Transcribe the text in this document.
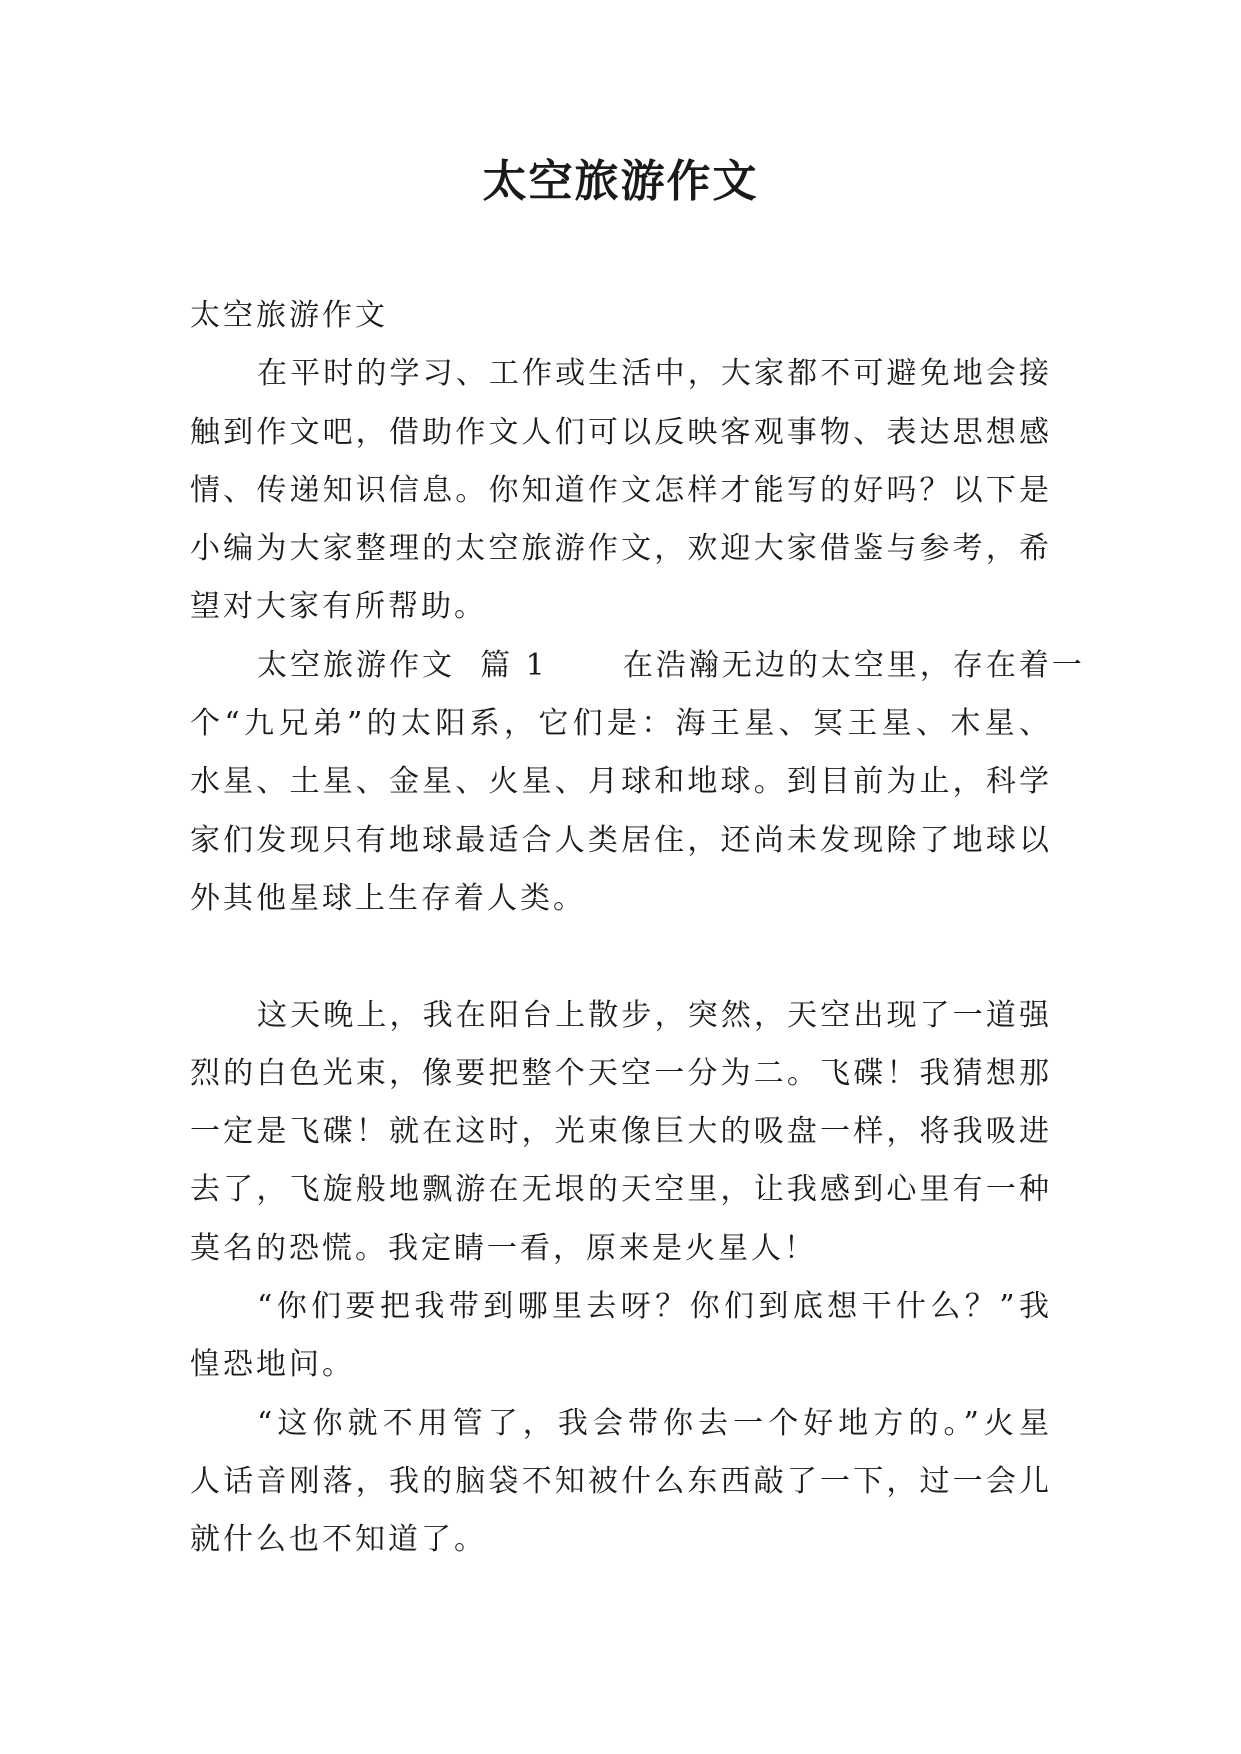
太空旅游作文
太空旅游作文
在平时的学习、工作或生活中，大家都不可避免地会接
触到作文吧，借助作文人们可以反映客观事物、表达思想感
情、传递知识信息。你知道作文怎样才能写的好吗？以下是
小编为大家整理的太空旅游作文，欢迎大家借鉴与参考，希
望对大家有所帮助。
太空旅游作文  篇 1      在浩瀚无边的太空里，存在着一
个“九兄弟”的太阳系，它们是：海王星、冥王星、木星、
水星、土星、金星、火星、月球和地球。到目前为止，科学
家们发现只有地球最适合人类居住，还尚未发现除了地球以
外其他星球上生存着人类。
这天晚上，我在阳台上散步，突然，天空出现了一道强
烈的白色光束，像要把整个天空一分为二。飞碟！我猜想那
一定是飞碟！就在这时，光束像巨大的吸盘一样，将我吸进
去了，飞旋般地飘游在无垠的天空里，让我感到心里有一种
莫名的恐慌。我定睛一看，原来是火星人！
“你们要把我带到哪里去呀？你们到底想干什么？”我
惶恐地问。
“这你就不用管了，我会带你去一个好地方的。”火星
人话音刚落，我的脑袋不知被什么东西敲了一下，过一会儿
就什么也不知道了。
